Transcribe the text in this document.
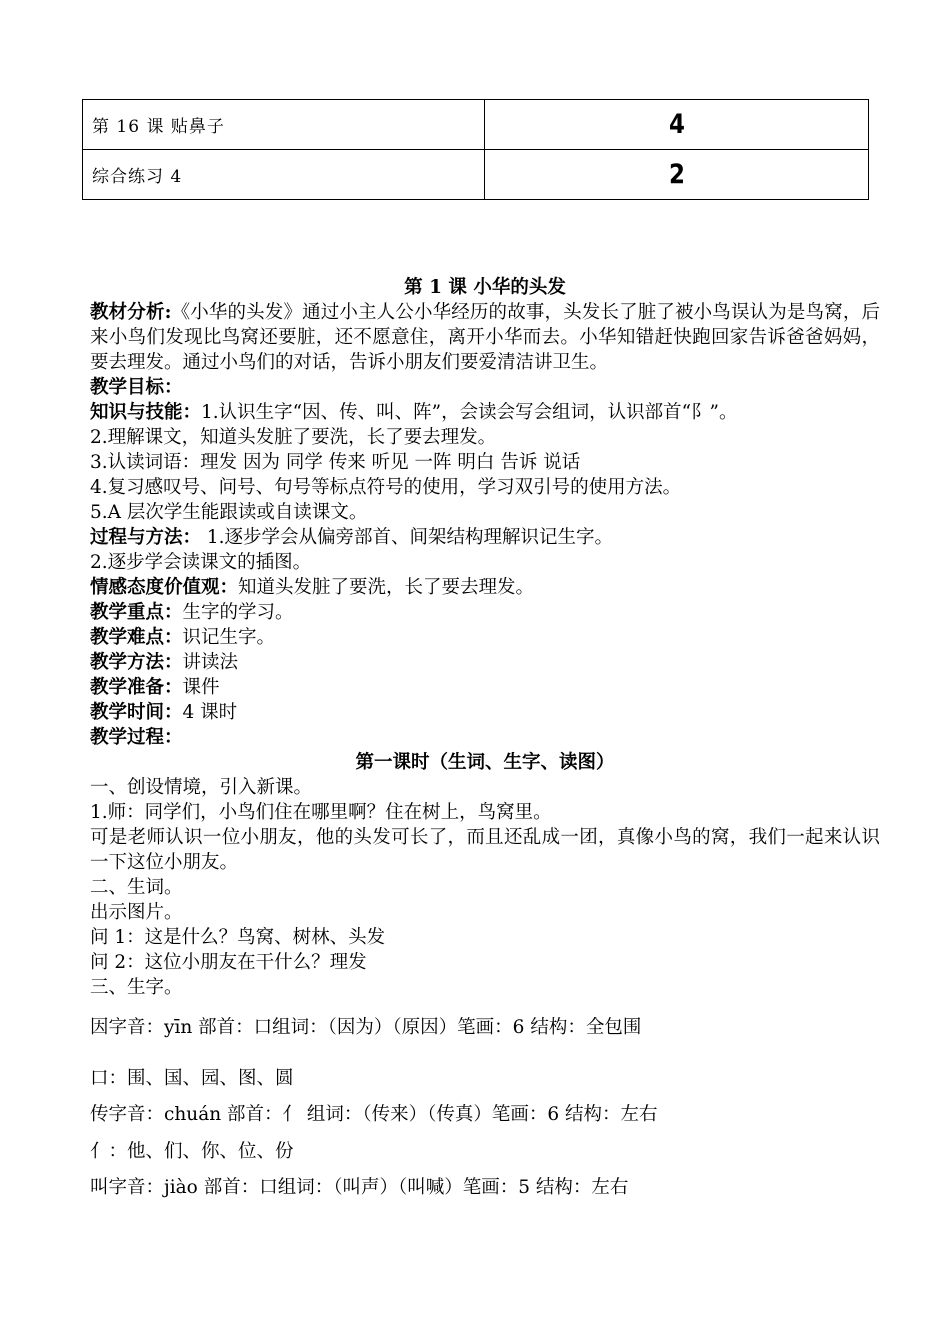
第 16 课 贴鼻子	4
综合练习 4	2
第 1 课 小华的头发
教材分析:《小华的头发》通过小主人公小华经历的故事，头发长了脏了被小鸟误认为是鸟窝，后来小鸟们发现比鸟窝还要脏，还不愿意住，离开小华而去。小华知错赶快跑回家告诉爸爸妈妈，要去理发。通过小鸟们的对话，告诉小朋友们要爱清洁讲卫生。
教学目标：
知识与技能：1.认识生字“因、传、叫、阵”，会读会写会组词，认识部首“阝”。
2.理解课文，知道头发脏了要洗，长了要去理发。
3.认读词语：理发 因为 同学 传来 听见 一阵 明白 告诉 说话
4.复习感叹号、问号、句号等标点符号的使用，学习双引号的使用方法。
5.A 层次学生能跟读或自读课文。
过程与方法： 1.逐步学会从偏旁部首、间架结构理解识记生字。
2.逐步学会读课文的插图。
情感态度价值观：知道头发脏了要洗，长了要去理发。
教学重点：生字的学习。
教学难点：识记生字。
教学方法：讲读法
教学准备：课件
教学时间：4 课时
教学过程：
第一课时（生词、生字、读图）
一、创设情境，引入新课。
1.师：同学们，小鸟们住在哪里啊？住在树上，鸟窝里。
可是老师认识一位小朋友，他的头发可长了，而且还乱成一团，真像小鸟的窝，我们一起来认识一下这位小朋友。
二、生词。
出示图片。
问 1：这是什么？鸟窝、树林、头发
问 2：这位小朋友在干什么？理发
三、生字。
因字音：yīn 部首：口组词：（因为）（原因）笔画：6 结构：全包围
口：围、国、园、图、圆
传字音：chuán 部首：亻 组词：（传来）（传真）笔画：6 结构：左右
亻：他、们、你、位、份
叫字音：jiào 部首：口组词：（叫声）（叫喊）笔画：5 结构：左右
